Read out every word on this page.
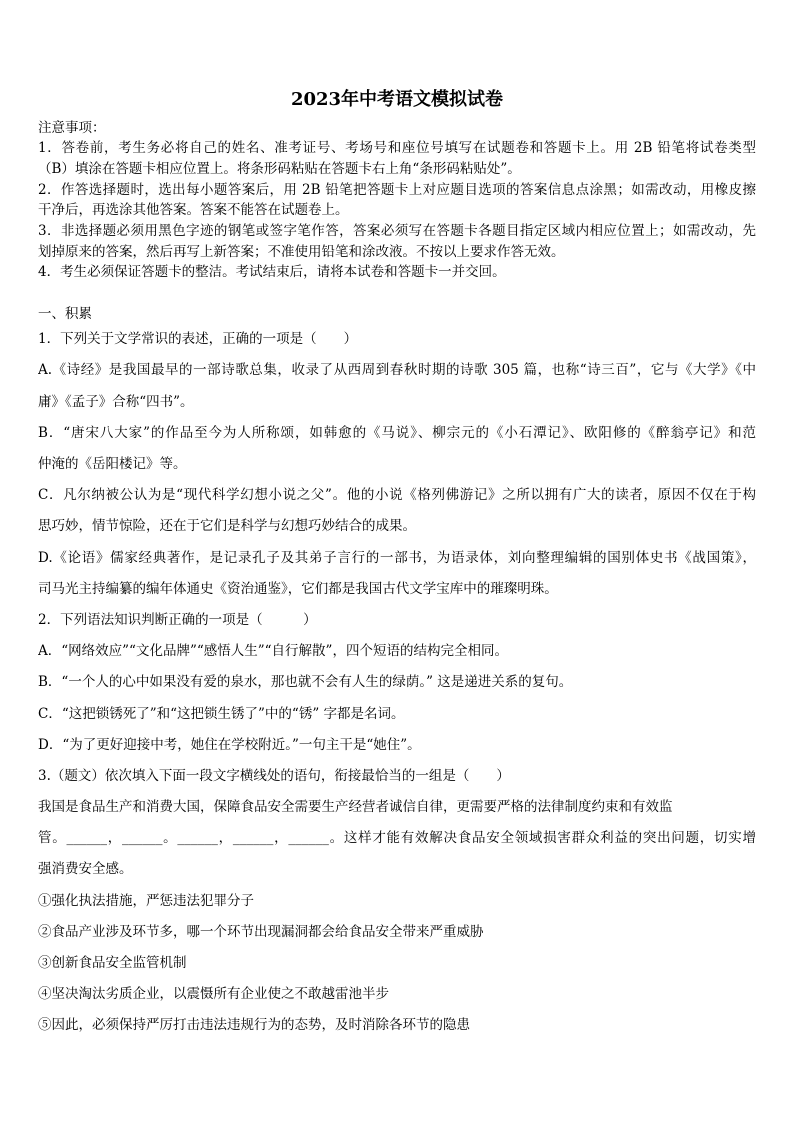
2023年中考语文模拟试卷
注意事项：
1．答卷前，考生务必将自己的姓名、准考证号、考场号和座位号填写在试题卷和答题卡上。用 2B 铅笔将试卷类型
（B）填涂在答题卡相应位置上。将条形码粘贴在答题卡右上角“条形码粘贴处”。
2．作答选择题时，选出每小题答案后，用 2B 铅笔把答题卡上对应题目选项的答案信息点涂黑；如需改动，用橡皮擦
干净后，再选涂其他答案。答案不能答在试题卷上。
3．非选择题必须用黑色字迹的钢笔或签字笔作答，答案必须写在答题卡各题目指定区域内相应位置上；如需改动，先
划掉原来的答案，然后再写上新答案；不准使用铅笔和涂改液。不按以上要求作答无效。
4．考生必须保证答题卡的整洁。考试结束后，请将本试卷和答题卡一并交回。
一、积累
1．下列关于文学常识的表述，正确的一项是（　　）
A.《诗经》是我国最早的一部诗歌总集，收录了从西周到春秋时期的诗歌 305 篇，也称“诗三百”，它与《大学》《中
庸》《孟子》合称“四书”。
B．“唐宋八大家”的作品至今为人所称颂，如韩愈的《马说》、柳宗元的《小石潭记》、欧阳修的《醉翁亭记》和范
仲淹的《岳阳楼记》等。
C．凡尔纳被公认为是“现代科学幻想小说之父”。他的小说《格列佛游记》之所以拥有广大的读者，原因不仅在于构
思巧妙，情节惊险，还在于它们是科学与幻想巧妙结合的成果。
D.《论语》儒家经典著作，是记录孔子及其弟子言行的一部书，为语录体，刘向整理编辑的国别体史书《战国策》，
司马光主持编纂的编年体通史《资治通鉴》，它们都是我国古代文学宝库中的璀璨明珠。
2．下列语法知识判断正确的一项是（　　　）
A．“网络效应”“文化品牌”“感悟人生”“自行解散”，四个短语的结构完全相同。
B．“一个人的心中如果没有爱的泉水，那也就不会有人生的绿荫。” 这是递进关系的复句。
C．“这把锁锈死了”和“这把锁生锈了”中的“锈” 字都是名词。
D．“为了更好迎接中考，她住在学校附近。”一句主干是“她住”。
3.（题文）依次填入下面一段文字横线处的语句，衔接最恰当的一组是（　　）
我国是食品生产和消费大国，保障食品安全需要生产经营者诚信自律，更需要严格的法律制度约束和有效监
管。______，______。______，______，______。这样才能有效解决食品安全领域损害群众利益的突出问题，切实增
强消费安全感。
①强化执法措施，严惩违法犯罪分子
②食品产业涉及环节多，哪一个环节出现漏洞都会给食品安全带来严重威胁
③创新食品安全监管机制
④坚决淘汰劣质企业，以震慑所有企业使之不敢越雷池半步
⑤因此，必须保持严厉打击违法违规行为的态势，及时消除各环节的隐患
